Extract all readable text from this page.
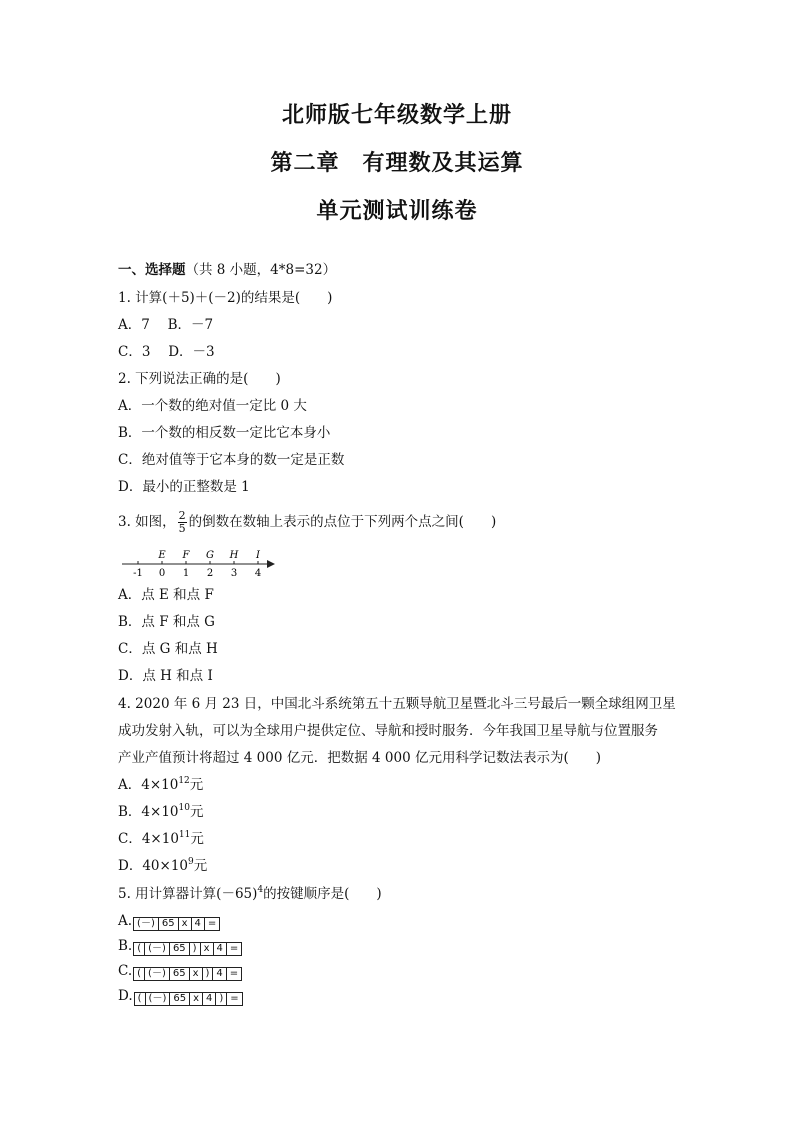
北师版七年级数学上册
第二章　有理数及其运算
单元测试训练卷
一、选择题（共 8 小题，4*8=32）
1. 计算(＋5)＋(－2)的结果是(　　)
A．7　 B．－7
C．3　 D．－3
2. 下列说法正确的是(　　)
A．一个数的绝对值一定比 0 大
B．一个数的相反数一定比它本身小
C．绝对值等于它本身的数一定是正数
D．最小的正整数是 1
3. 如图， $\frac{2}{5}$ 的倒数在数轴上表示的点位于下列两个点之间(　　)
-1 0 1 2 3 4
E F G H I
A．点 E 和点 F
B．点 F 和点 G
C．点 G 和点 H
D．点 H 和点 I
4. 2020 年 6 月 23 日，中国北斗系统第五十五颗导航卫星暨北斗三号最后一颗全球组网卫星
成功发射入轨，可以为全球用户提供定位、导航和授时服务．今年我国卫星导航与位置服务
产业产值预计将超过 4 000 亿元．把数据 4 000 亿元用科学记数法表示为(　　)
A．$4\times 10^{12}$元
B．$4\times 10^{10}$元
C．$4\times 10^{11}$元
D．$40\times 10^9$元
5. 用计算器计算$(-65)^4$的按键顺序是(　　)
A. (－) 65 x 4 =
B. ( (－) 65 ) x 4 =
C. ( (－) 65 x ) 4 =
D. ( (－) 65 x 4 ) =
